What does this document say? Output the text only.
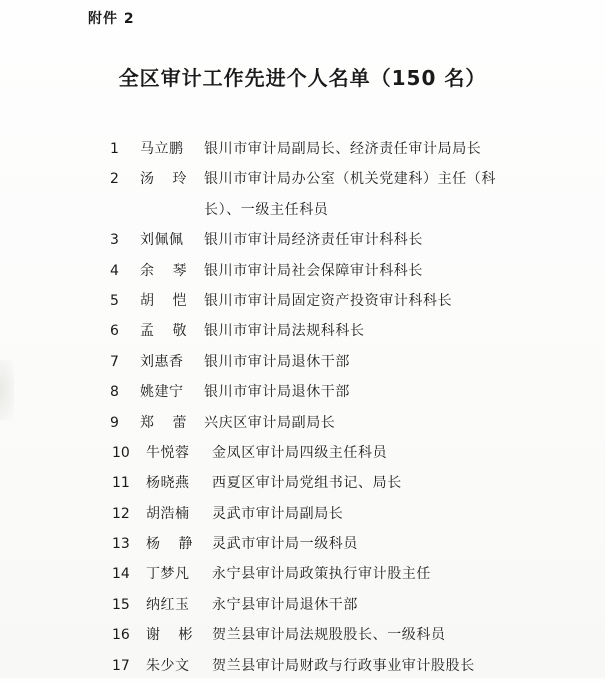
附件 2
全区审计工作先进个人名单（150 名）
1 马立鹏 银川市审计局副局长、经济责任审计局局长
2 汤 玲 银川市审计局办公室（机关党建科）主任（科
长）、一级主任科员
3 刘佩佩 银川市审计局经济责任审计科科长
4 余 琴 银川市审计局社会保障审计科科长
5 胡 恺 银川市审计局固定资产投资审计科科长
6 孟 敬 银川市审计局法规科科长
7 刘惠香 银川市审计局退休干部
8 姚建宁 银川市审计局退休干部
9 郑 蕾 兴庆区审计局副局长
10 牛悦蓉 金凤区审计局四级主任科员
11 杨晓燕 西夏区审计局党组书记、局长
12 胡浩楠 灵武市审计局副局长
13 杨 静 灵武市审计局一级科员
14 丁梦凡 永宁县审计局政策执行审计股主任
15 纳红玉 永宁县审计局退休干部
16 谢 彬 贺兰县审计局法规股股长、一级科员
17 朱少文 贺兰县审计局财政与行政事业审计股股长
